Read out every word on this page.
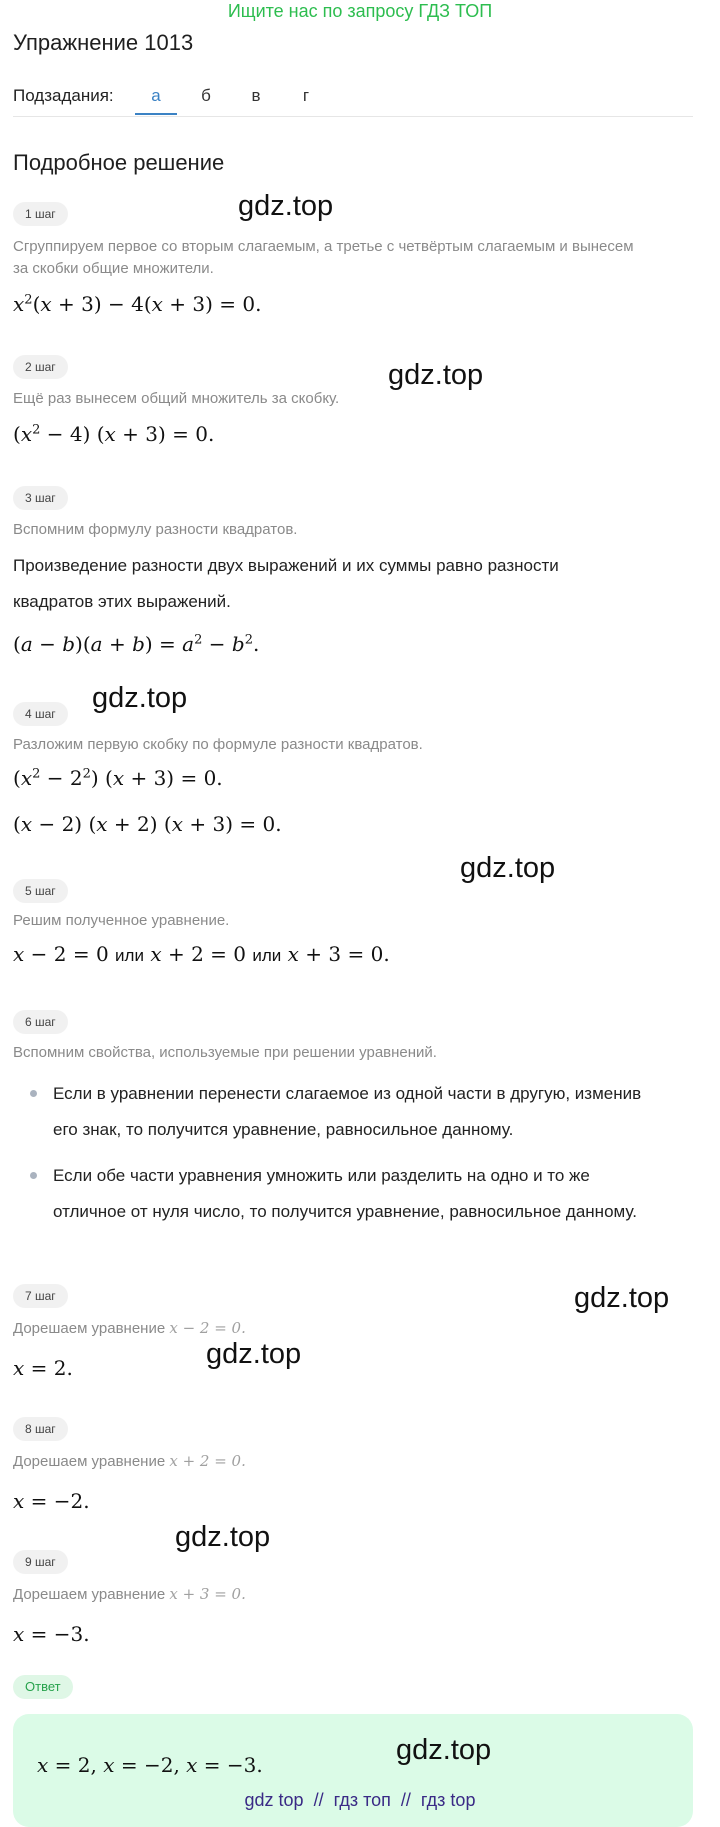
Ищите нас по запросу ГДЗ ТОП
Упражнение 1013
Подзадания:	а	б	в	г
Подробное решение
1 шаг	gdz.top
Сгруппируем первое со вторым слагаемым, а третье с четвёртым слагаемым и вынесем
за скобки общие множители.
$x^2(x + 3) - 4(x + 3) = 0$.
2 шаг	gdz.top
Ещё раз вынесем общий множитель за скобку.
$(x^2 - 4) (x + 3) = 0$.
3 шаг
Вспомним формулу разности квадратов.
Произведение разности двух выражений и их суммы равно разности
квадратов этих выражений.
$(a - b)(a + b) = a^2 - b^2$.
4 шаг	gdz.top
Разложим первую скобку по формуле разности квадратов.
$(x^2 - 2^2) (x + 3) = 0$.
(x − 2) (x + 2) (x + 3) = 0.
gdz.top
5 шаг
Решим полученное уравнение.
x − 2 = 0 или x + 2 = 0 или x + 3 = 0.
6 шаг
Вспомним свойства, используемые при решении уравнений.
Если в уравнении перенести слагаемое из одной части в другую, изменив
его знак, то получится уравнение, равносильное данному.
Если обе части уравнения умножить или разделить на одно и то же
отличное от нуля число, то получится уравнение, равносильное данному.
gdz.top
7 шаг
Дорешаем уравнение x − 2 = 0.
gdz.top
x = 2.
8 шаг
Дорешаем уравнение x + 2 = 0.
x = −2.
gdz.top
9 шаг
Дорешаем уравнение x + 3 = 0.
x = −3.
Ответ
x = 2, x = −2, x = −3.	gdz.top
gdz top // гдз топ // гдз top
